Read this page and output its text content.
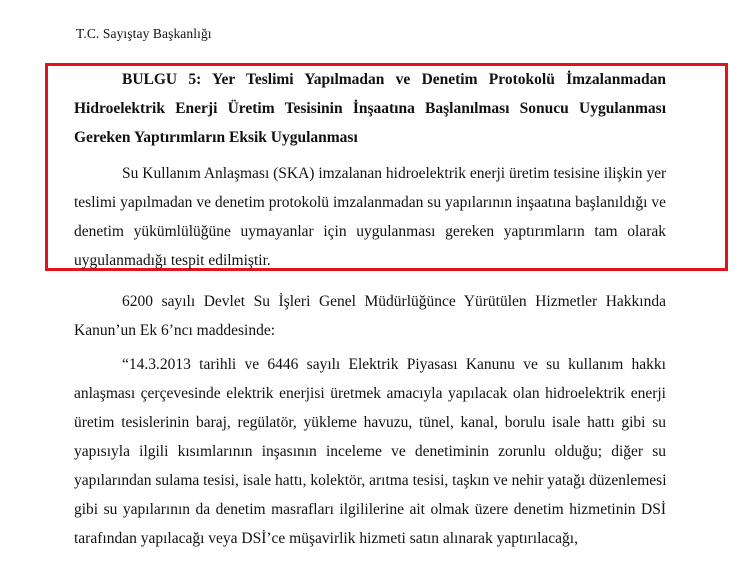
T.C. Sayıştay Başkanlığı
BULGU 5: Yer Teslimi Yapılmadan ve Denetim Protokolü İmzalanmadan
Hidroelektrik Enerji Üretim Tesisinin İnşaatına Başlanılması Sonucu Uygulanması
Gereken Yaptırımların Eksik Uygulanması
Su Kullanım Anlaşması (SKA) imzalanan hidroelektrik enerji üretim tesisine ilişkin yer
teslimi yapılmadan ve denetim protokolü imzalanmadan su yapılarının inşaatına başlanıldığı ve
denetim yükümlülüğüne uymayanlar için uygulanması gereken yaptırımların tam olarak
uygulanmadığı tespit edilmiştir.
6200 sayılı Devlet Su İşleri Genel Müdürlüğünce Yürütülen Hizmetler Hakkında
Kanun’un Ek 6’ncı maddesinde:
“14.3.2013 tarihli ve 6446 sayılı Elektrik Piyasası Kanunu ve su kullanım hakkı
anlaşması çerçevesinde elektrik enerjisi üretmek amacıyla yapılacak olan hidroelektrik enerji
üretim tesislerinin baraj, regülatör, yükleme havuzu, tünel, kanal, borulu isale hattı gibi su
yapısıyla ilgili kısımlarının inşasının inceleme ve denetiminin zorunlu olduğu; diğer su
yapılarından sulama tesisi, isale hattı, kolektör, arıtma tesisi, taşkın ve nehir yatağı düzenlemesi
gibi su yapılarının da denetim masrafları ilgililerine ait olmak üzere denetim hizmetinin DSİ
tarafından yapılacağı veya DSİ’ce müşavirlik hizmeti satın alınarak yaptırılacağı,
